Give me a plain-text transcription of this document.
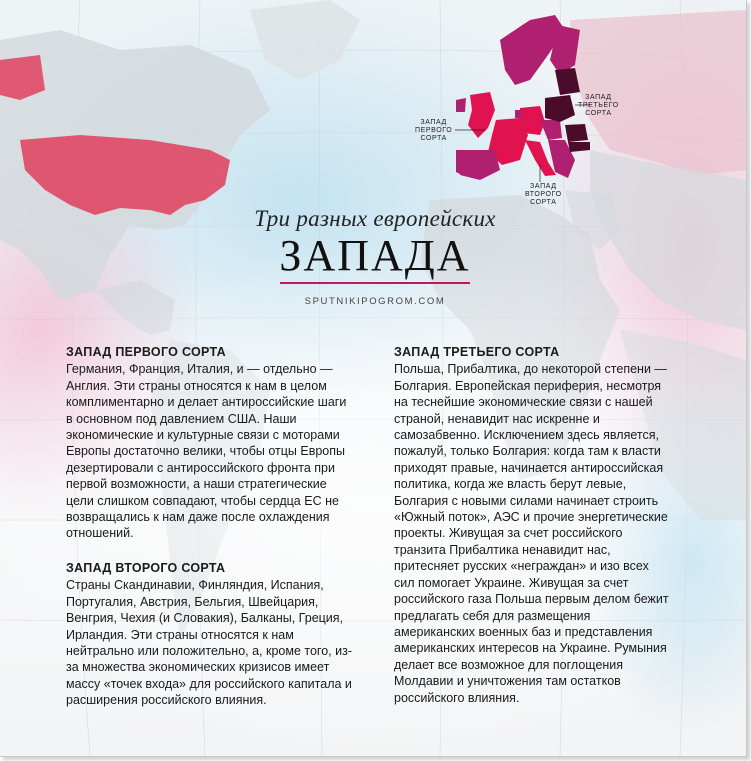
ЗАПАД
ПЕРВОГО
СОРТА
ЗАПАД
ВТОРОГО
СОРТА
ЗАПАД
ТРЕТЬЕГО
СОРТА
Три разных европейских
ЗАПАДА
SPUTNIKIPOGROM.COM
ЗАПАД ПЕРВОГО СОРТА

Германия, Франция, Италия, и — отдельно — Англия. Эти страны относятся к нам в целом комплиментарно и делает антироссийские шаги в основном под давлением США. Наши экономические и культурные связи с моторами Европы достаточно велики, чтобы отцы Европы дезертировали с антироссийского фронта при первой возможности, а наши стратегические цели слишком совпадают, чтобы сердца ЕС не возвращались к нам даже после охлаждения отношений.

ЗАПАД ВТОРОГО СОРТА

Страны Скандинавии, Финляндия, Испания, Португалия, Австрия, Бельгия, Швейцария, Венгрия, Чехия (и Словакия), Балканы, Греция, Ирландия. Эти страны относятся к нам нейтрально или положительно, а, кроме того, из-за множества экономических кризисов имеет массу «точек входа» для российского капитала и расширения российского влияния.

ЗАПАД ТРЕТЬЕГО СОРТА

Польша, Прибалтика, до некоторой степени — Болгария. Европейская периферия, несмотря на теснейшие экономические связи с нашей страной, ненавидит нас искренне и самозабвенно. Исключением здесь является, пожалуй, только Болгария: когда там к власти приходят правые, начинается антироссийская политика, когда же власть берут левые, Болгария с новыми силами начинает строить «Южный поток», АЭС и прочие энергетические проекты. Живущая за счет российского транзита Прибалтика ненавидит нас, притесняет русских «неграждан» и изо всех сил помогает Украине. Живущая за счет российского газа Польша первым делом бежит предлагать себя для размещения американских военных баз и представления американских интересов на Украине. Румыния делает все возможное для поглощения Молдавии и уничтожения там остатков российского влияния.
